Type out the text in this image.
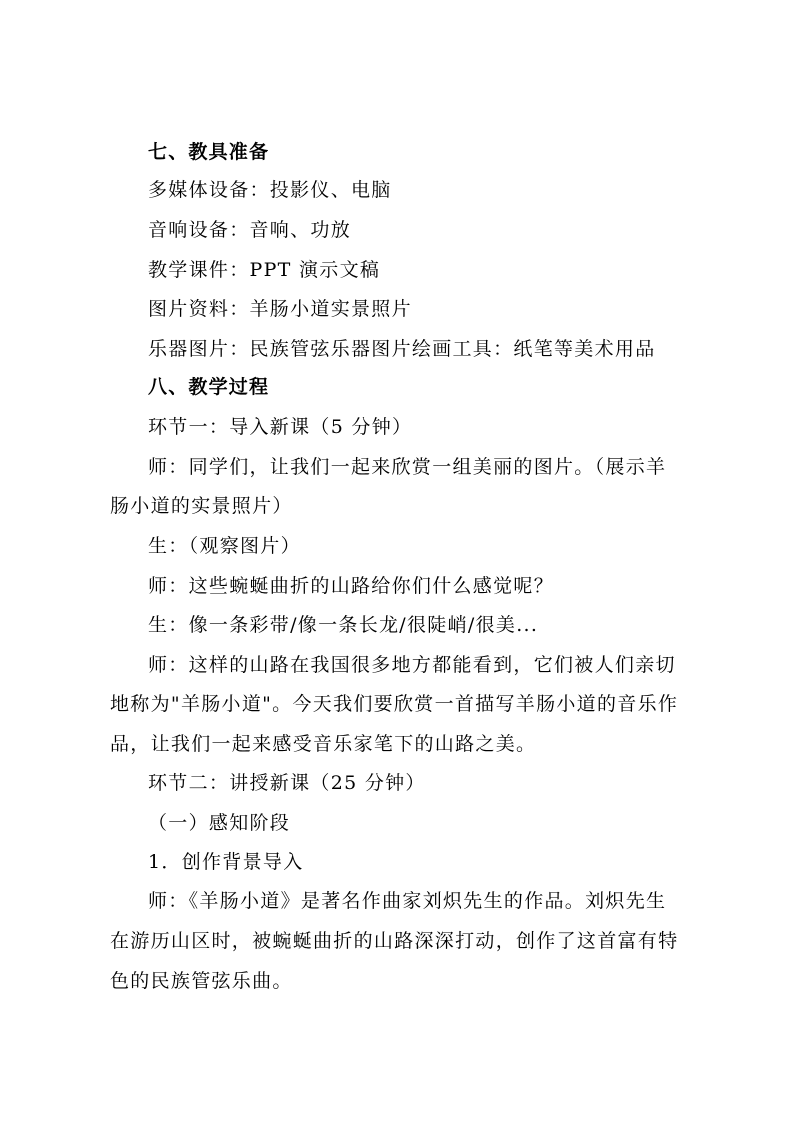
七、教具准备
多媒体设备：投影仪、电脑
音响设备：音响、功放
教学课件：PPT 演示文稿
图片资料：羊肠小道实景照片
乐器图片：民族管弦乐器图片绘画工具：纸笔等美术用品
八、教学过程
环节一：导入新课（5 分钟）
师：同学们，让我们一起来欣赏一组美丽的图片。（展示羊
肠小道的实景照片）
生：（观察图片）
师：这些蜿蜒曲折的山路给你们什么感觉呢？
生：像一条彩带/像一条长龙/很陡峭/很美...
师：这样的山路在我国很多地方都能看到，它们被人们亲切
地称为"羊肠小道"。今天我们要欣赏一首描写羊肠小道的音乐作
品，让我们一起来感受音乐家笔下的山路之美。
环节二：讲授新课（25 分钟）
（一）感知阶段
1．创作背景导入
师：《羊肠小道》是著名作曲家刘炽先生的作品。刘炽先生
在游历山区时，被蜿蜒曲折的山路深深打动，创作了这首富有特
色的民族管弦乐曲。
